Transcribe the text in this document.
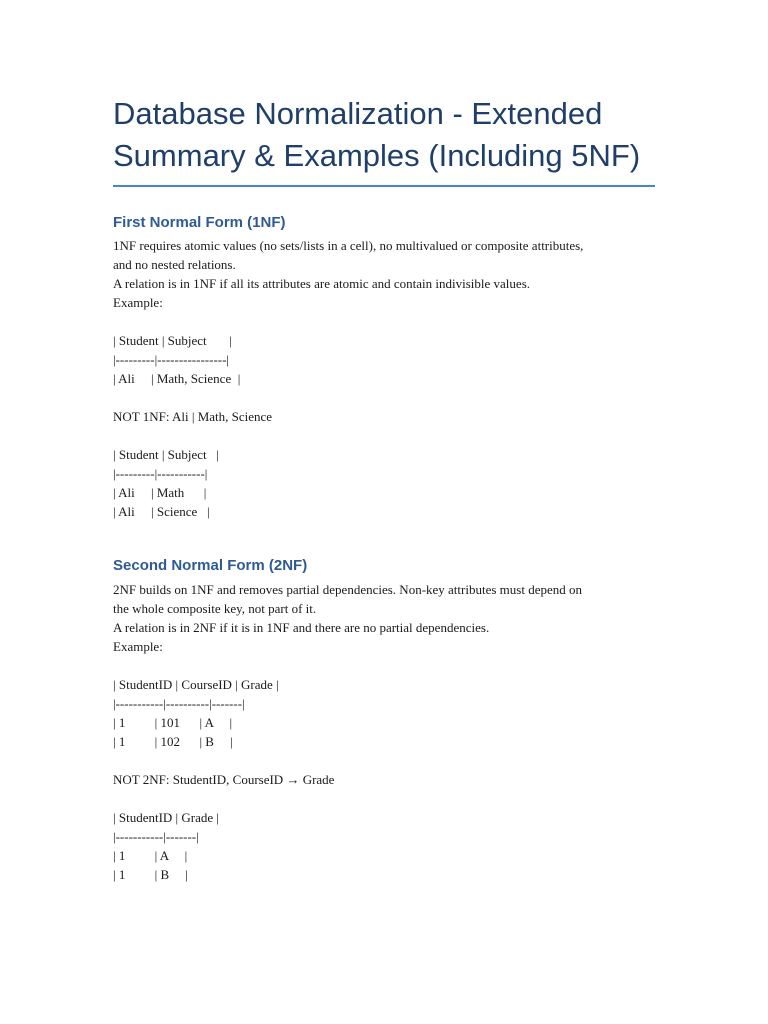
Database Normalization - Extended
Summary & Examples (Including 5NF)
First Normal Form (1NF)

1NF requires atomic values (no sets/lists in a cell), no multivalued or composite attributes,

and no nested relations.

A relation is in 1NF if all its attributes are atomic and contain indivisible values.

Example:

| Student | Subject       |

|---------|----------------|

| Ali     | Math, Science  |

NOT 1NF: Ali | Math, Science

| Student | Subject   |

|---------|-----------|

| Ali     | Math      |

| Ali     | Science   |

Second Normal Form (2NF)

2NF builds on 1NF and removes partial dependencies. Non-key attributes must depend on

the whole composite key, not part of it.

A relation is in 2NF if it is in 1NF and there are no partial dependencies.

Example:

| StudentID | CourseID | Grade |

|-----------|----------|-------|

| 1         | 101      | A     |

| 1         | 102      | B     |

NOT 2NF: StudentID, CourseID → Grade

| StudentID | Grade |

|-----------|-------|

| 1         | A     |

| 1         | B     |
